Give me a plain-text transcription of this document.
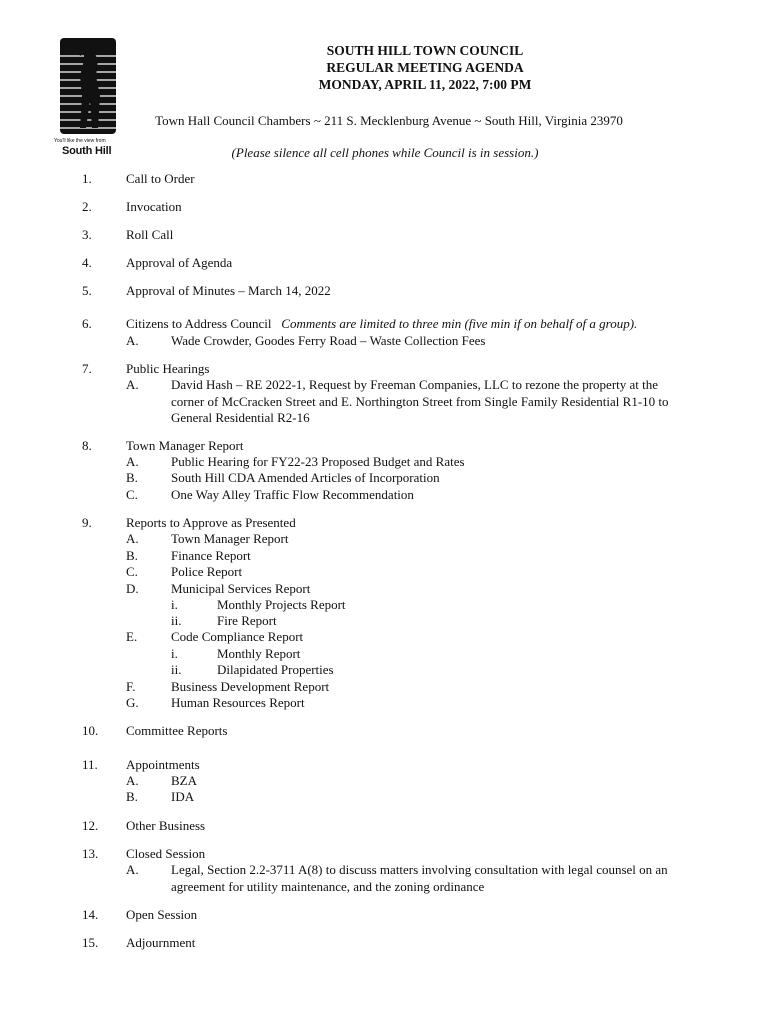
You'll like the view from
South Hill
SOUTH HILL TOWN COUNCIL
REGULAR MEETING AGENDA
MONDAY, APRIL 11, 2022, 7:00 PM
Town Hall Council Chambers ~ 211 S. Mecklenburg Avenue ~ South Hill, Virginia 23970
(Please silence all cell phones while Council is in session.)
1.	Call to Order
2.	Invocation
3.	Roll Call
4.	Approval of Agenda
5.	Approval of Minutes – March 14, 2022
6.	Citizens to Address Council Comments are limited to three min (five min if on behalf of a group).
A. Wade Crowder, Goodes Ferry Road – Waste Collection Fees
7.	Public Hearings
A. David Hash – RE 2022-1, Request by Freeman Companies, LLC to rezone the property at the corner of McCracken Street and E. Northington Street from Single Family Residential R1-10 to General Residential R2-16
8.	Town Manager Report
A. Public Hearing for FY22-23 Proposed Budget and Rates
B.	South Hill CDA Amended Articles of Incorporation
C.	One Way Alley Traffic Flow Recommendation
9.	Reports to Approve as Presented
A. Town Manager Report
B.	Finance Report
C.	Police Report
D. Municipal Services Report
i.	Monthly Projects Report
ii.	Fire Report
E.	Code Compliance Report
i.	Monthly Report
ii.	Dilapidated Properties
F.	Business Development Report
G. Human Resources Report
10. Committee Reports
11. Appointments
A. BZA
B.	IDA
12. Other Business
13. Closed Session
A. Legal, Section 2.2-3711 A(8) to discuss matters involving consultation with legal counsel on an agreement for utility maintenance, and the zoning ordinance
14. Open Session
15. Adjournment
